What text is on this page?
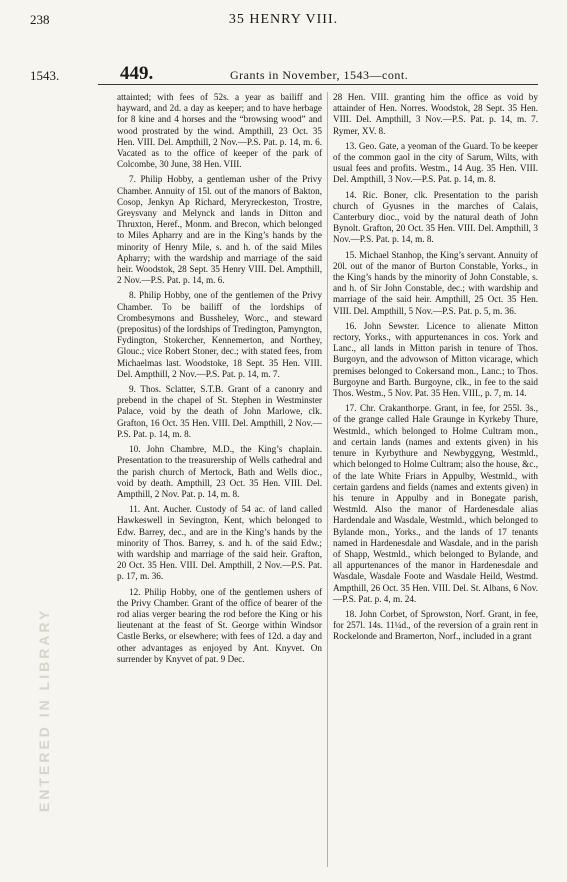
238	35 HENRY VIII.
1543.	449.	Grants in November, 1543—cont.

attainted; with fees of 52s. a year as bailiff and hayward, and 2d. a day as keeper; and to have herbage for 8 kine and 4 horses and the “browsing wood” and wood prostrated by the wind. Ampthill, 23 Oct. 35 Hen. VIII. Del. Ampthill, 2 Nov.—P.S. Pat. p. 14, m. 6. Vacated as to the office of keeper of the park of Colcombe, 30 June, 38 Hen. VIII.

7. Philip Hobby, a gentleman usher of the Privy Chamber. Annuity of 15l. out of the manors of Bakton, Cosop, Jenkyn Ap Richard, Meryreckeston, Trostre, Greysvany and Melynck and lands in Ditton and Thruxton, Heref., Monm. and Brecon, which belonged to Miles Apharry and are in the King’s hands by the minority of Henry Mile, s. and h. of the said Miles Apharry; with the wardship and marriage of the said heir. Woodstok, 28 Sept. 35 Henry VIII. Del. Ampthill, 2 Nov.—P.S. Pat. p. 14, m. 6.

8. Philip Hobby, one of the gentlemen of the Privy Chamber. To be bailiff of the lordships of Crombesymons and Bussheley, Worc., and steward (prepositus) of the lordships of Tredington, Pamyngton, Fydington, Stokercher, Kennemerton, and Northey, Glouc.; vice Robert Stoner, dec.; with stated fees, from Michaelmas last. Woodstoke, 18 Sept. 35 Hen. VIII. Del. Ampthill, 2 Nov.—P.S. Pat. p. 14, m. 7.

9. Thos. Sclatter, S.T.B. Grant of a canonry and prebend in the chapel of St. Stephen in Westminster Palace, void by the death of John Marlowe, clk. Grafton, 16 Oct. 35 Hen. VIII. Del. Ampthill, 2 Nov.—P.S. Pat. p. 14, m. 8.

10. John Chambre, M.D., the King’s chaplain. Presentation to the treasurership of Wells cathedral and the parish church of Mertock, Bath and Wells dioc., void by death. Ampthill, 23 Oct. 35 Hen. VIII. Del. Ampthill, 2 Nov. Pat. p. 14, m. 8.

11. Ant. Aucher. Custody of 54 ac. of land called Hawkeswell in Sevington, Kent, which belonged to Edw. Barrey, dec., and are in the King’s hands by the minority of Thos. Barrey, s. and h. of the said Edw.; with wardship and marriage of the said heir. Grafton, 20 Oct. 35 Hen. VIII. Del. Ampthill, 2 Nov.—P.S. Pat. p. 17, m. 36.

12. Philip Hobby, one of the gentlemen ushers of the Privy Chamber. Grant of the office of bearer of the rod alias verger bearing the rod before the King or his lieutenant at the feast of St. George within Windsor Castle Berks, or elsewhere; with fees of 12d. a day and other advantages as enjoyed by Ant. Knyvet. On surrender by Knyvet of pat. 9 Dec.

28 Hen. VIII. granting him the office as void by attainder of Hen. Norres. Woodstok, 28 Sept. 35 Hen. VIII. Del. Ampthill, 3 Nov.—P.S. Pat. p. 14, m. 7. Rymer, XV. 8.

13. Geo. Gate, a yeoman of the Guard. To be keeper of the common gaol in the city of Sarum, Wilts, with usual fees and profits. Westm., 14 Aug. 35 Hen. VIII. Del. Ampthill, 3 Nov.—P.S. Pat. p. 14, m. 8.

14. Ric. Boner, clk. Presentation to the parish church of Gyusnes in the marches of Calais, Canterbury dioc., void by the natural death of John Bynolt. Grafton, 20 Oct. 35 Hen. VIII. Del. Ampthill, 3 Nov.—P.S. Pat. p. 14, m. 8.

15. Michael Stanhop, the King’s servant. Annuity of 20l. out of the manor of Burton Constable, Yorks., in the King’s hands by the minority of John Constable, s. and h. of Sir John Constable, dec.; with wardship and marriage of the said heir. Ampthill, 25 Oct. 35 Hen. VIII. Del. Ampthill, 5 Nov.—P.S. Pat. p. 5, m. 36.

16. John Sewster. Licence to alienate Mitton rectory, Yorks., with appurtenances in cos. York and Lanc., all lands in Mitton parish in tenure of Thos. Burgoyn, and the advowson of Mitton vicarage, which premises belonged to Cokersand mon., Lanc.; to Thos. Burgoyne and Barth. Burgoyne, clk., in fee to the said Thos. Westm., 5 Nov. Pat. 35 Hen. VIII., p. 7, m. 14.

17. Chr. Crakanthorpe. Grant, in fee, for 255l. 3s., of the grange called Hale Graunge in Kyrkeby Thure, Westmld., which belonged to Holme Cultram mon., and certain lands (names and extents given) in his tenure in Kyrbythure and Newbyggyng, Westmld., which belonged to Holme Cultram; also the house, &c., of the late White Friars in Appulby, Westmld., with certain gardens and fields (names and extents given) in his tenure in Appulby and in Bonegate parish, Westmld. Also the manor of Hardenesdale alias Hardendale and Wasdale, Westmld., which belonged to Bylande mon., Yorks., and the lands of 17 tenants named in Hardenesdale and Wasdale, and in the parish of Shapp, Westmld., which belonged to Bylande, and all appurtenances of the manor in Hardenesdale and Wasdale, Wasdale Foote and Wasdale Heild, Westmd. Ampthill, 26 Oct. 35 Hen. VIII. Del. St. Albans, 6 Nov.—P.S. Pat. p. 4, m. 24.

18. John Corbet, of Sprowston, Norf. Grant, in fee, for 257l. 14s. 11¼d., of the reversion of a grain rent in Rockelonde and Bramerton, Norf., included in a grant

ENTERED IN LIBRARY
